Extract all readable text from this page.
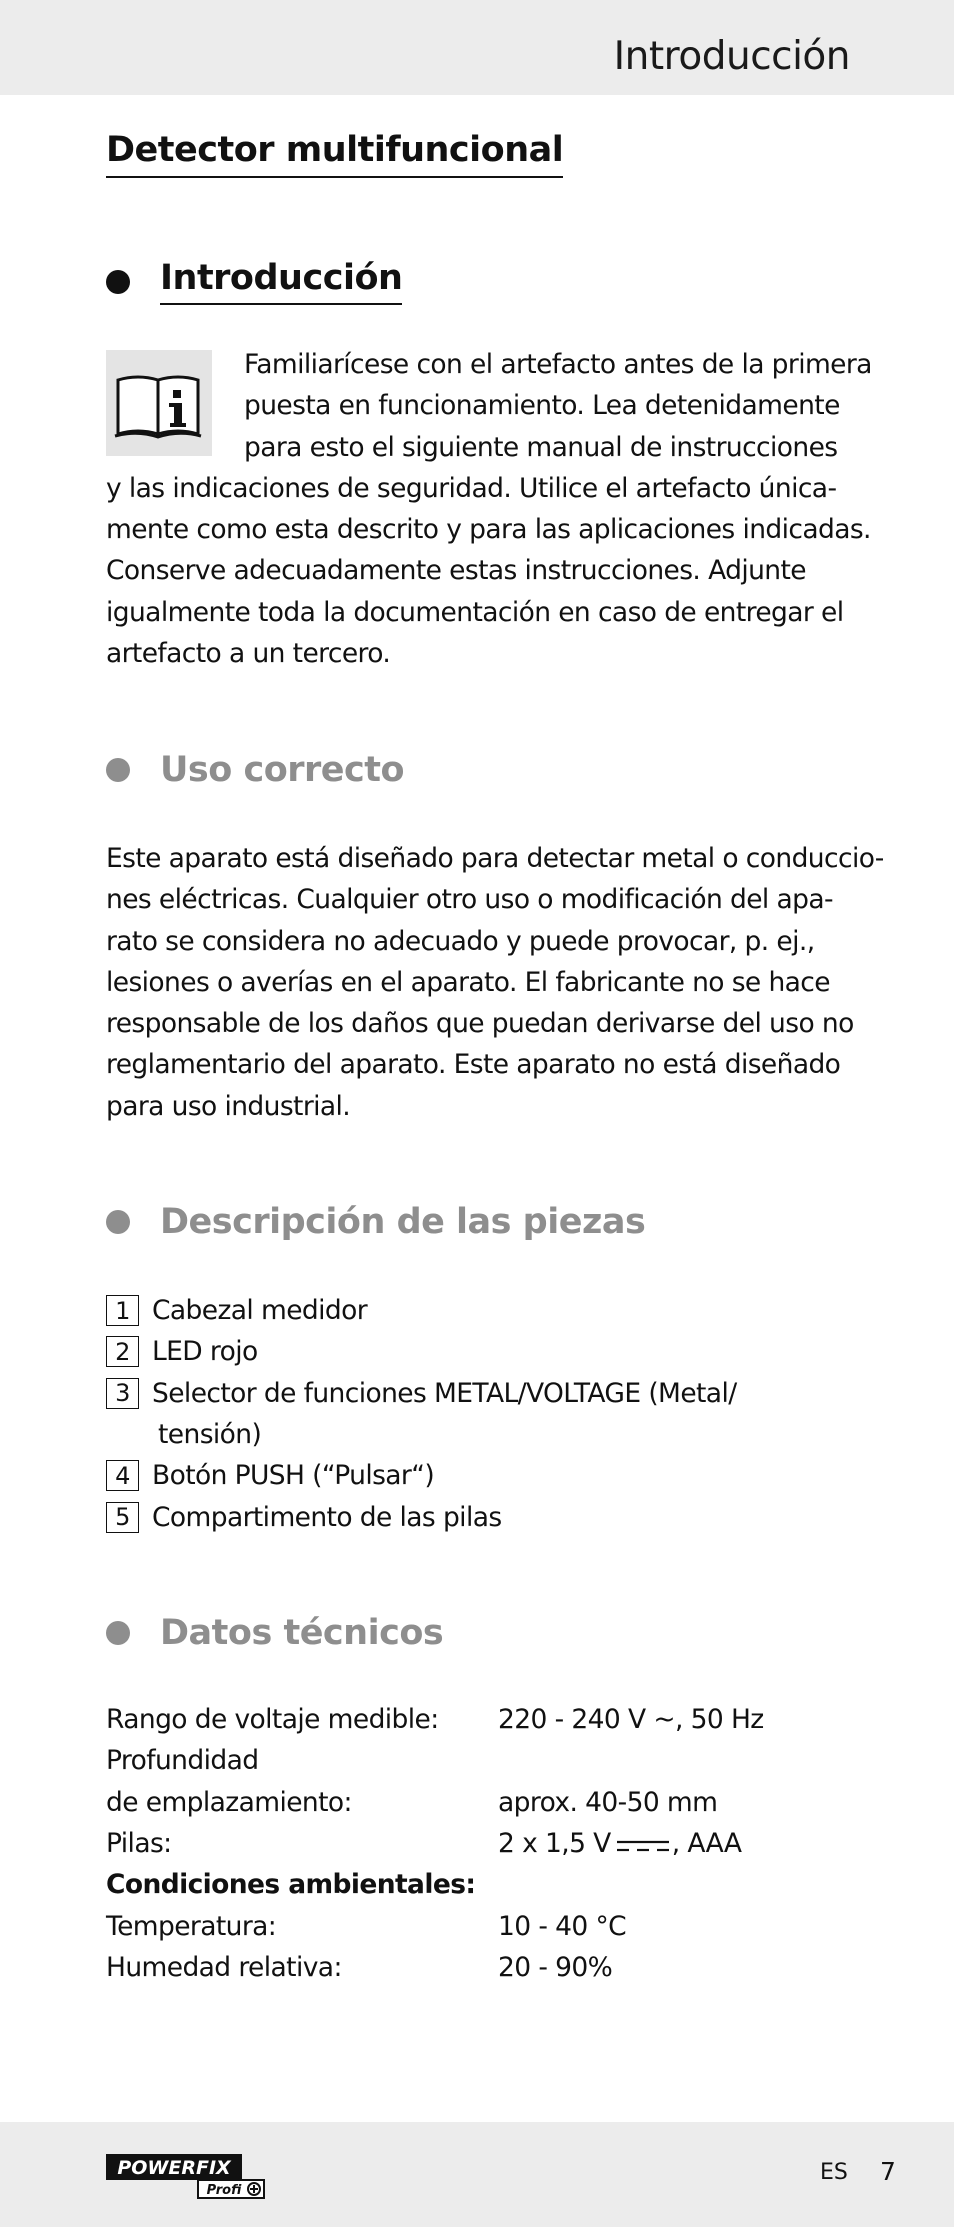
Introducción
Detector multifuncional
Introducción
Familiarícese con el artefacto antes de la primera
puesta en funcionamiento. Lea detenidamente
para esto el siguiente manual de instrucciones
y las indicaciones de seguridad. Utilice el artefacto única-
mente como esta descrito y para las aplicaciones indicadas.
Conserve adecuadamente estas instrucciones. Adjunte
igualmente toda la documentación en caso de entregar el
artefacto a un tercero.
Uso correcto
Este aparato está diseñado para detectar metal o conduccio-
nes eléctricas. Cualquier otro uso o modificación del apa-
rato se considera no adecuado y puede provocar, p. ej.,
lesiones o averías en el aparato. El fabricante no se hace
responsable de los daños que puedan derivarse del uso no
reglamentario del aparato. Este aparato no está diseñado
para uso industrial.
Descripción de las piezas
1 Cabezal medidor
2 LED rojo
3 Selector de funciones METAL/VOLTAGE (Metal/
tensión)
4 Botón PUSH (“Pulsar“)
5 Compartimento de las pilas
Datos técnicos
Rango de voltaje medible:	220 - 240 V ~, 50 Hz
Profundidad
de emplazamiento:	aprox. 40-50 mm
Pilas:	2 x 1,5 V , AAA
Condiciones ambientales:
Temperatura:	10 - 40 °C
Humedad relativa:	20 - 90%
POWERFIX
Profi
ES 7
